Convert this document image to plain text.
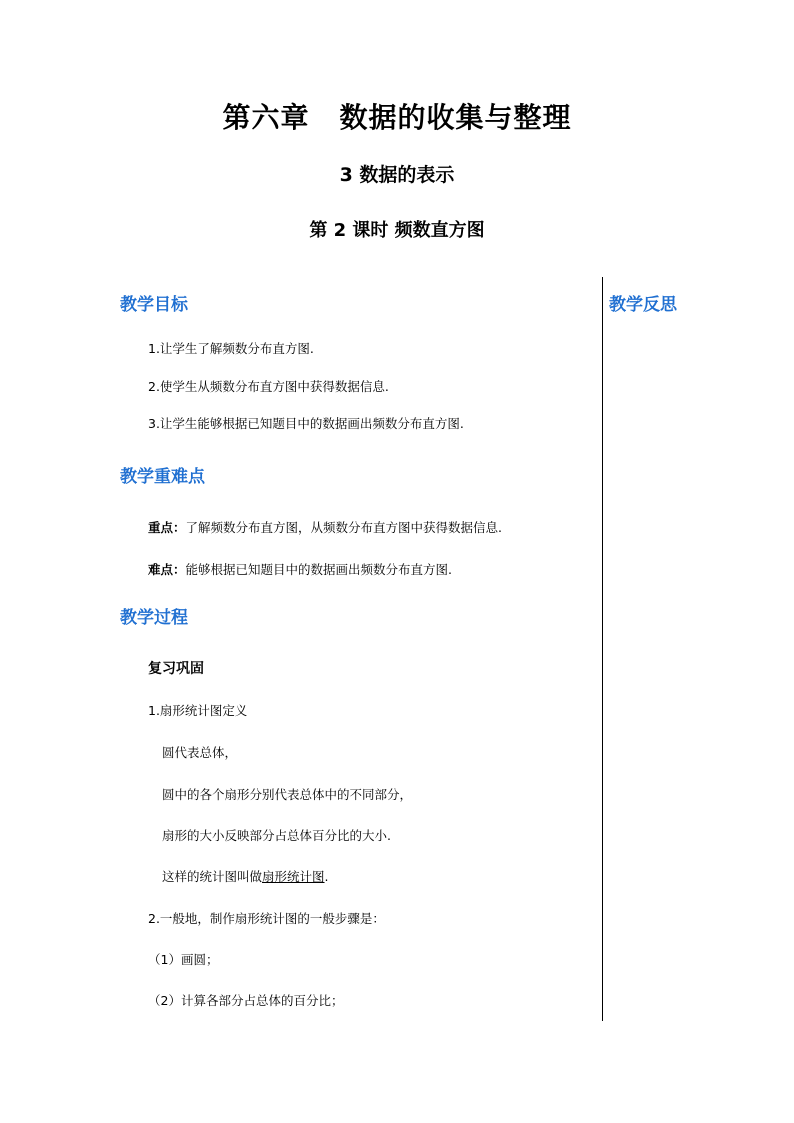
第六章 数据的收集与整理
3 数据的表示
第 2 课时 频数直方图
教学反思
教学目标
1.让学生了解频数分布直方图.
2.使学生从频数分布直方图中获得数据信息.
3.让学生能够根据已知题目中的数据画出频数分布直方图.
教学重难点
重点：了解频数分布直方图，从频数分布直方图中获得数据信息.
难点：能够根据已知题目中的数据画出频数分布直方图.
教学过程
复习巩固
1.扇形统计图定义
圆代表总体，
圆中的各个扇形分别代表总体中的不同部分，
扇形的大小反映部分占总体百分比的大小.
这样的统计图叫做扇形统计图.
2.一般地，制作扇形统计图的一般步骤是：
（1）画圆；
（2）计算各部分占总体的百分比；
